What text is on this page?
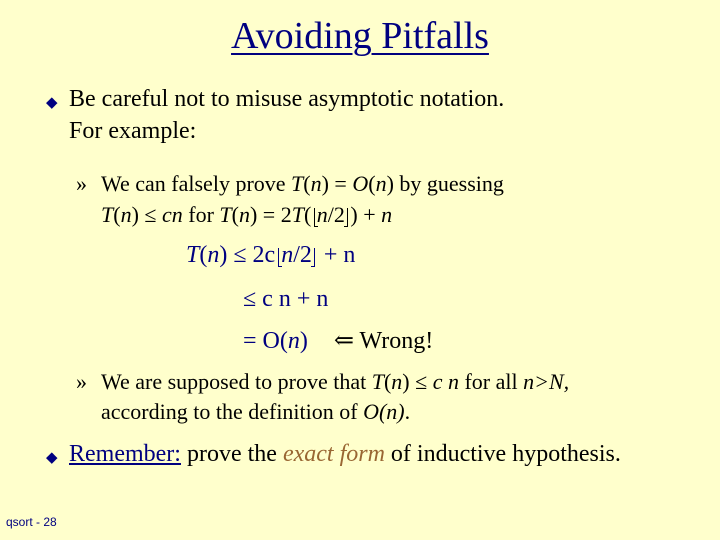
Avoiding Pitfalls
◆ Be careful not to misuse asymptotic notation.
For example:
» We can falsely prove T(n) = O(n) by guessing
T(n) ≤ cn for T(n) = 2T( n/2 ) + n
T(n) ≤ 2c n/2  + n
≤ c n + n
= O(n) ⇐ Wrong!
» We are supposed to prove that T(n) ≤ c n for all n>N,
according to the definition of O(n).
◆ Remember: prove the exact form of inductive hypothesis.
qsort - 28
